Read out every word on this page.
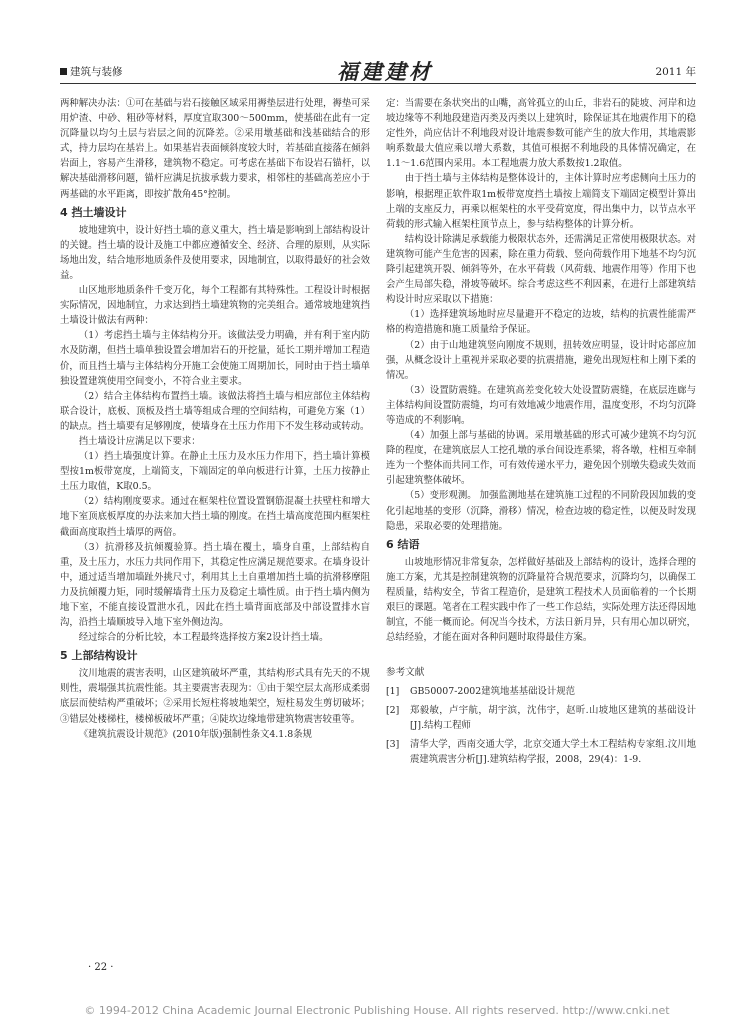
建筑与装修	福建建材	2011 年

两种解决办法：①可在基础与岩石接触区域采用褥垫层进行处理，褥垫可采用炉渣、中砂、粗砂等材料，厚度宜取300～500mm，使基础在此有一定沉降量以均匀土层与岩层之间的沉降差。②采用墩基础和浅基础结合的形式，持力层均在基岩上。如果基岩表面倾斜度较大时，若基础直接落在倾斜岩面上，容易产生滑移，建筑物不稳定。可考虑在基础下布设岩石锚杆，以解决基础滑移问题，锚杆应满足抗拔承载力要求，相邻柱的基础高差应小于两基础的水平距离，即按扩散角45°控制。

4 挡土墙设计

坡地建筑中，设计好挡土墙的意义重大，挡土墙是影响到上部结构设计的关键。挡土墙的设计及施工中都应遵循安全、经济、合理的原则，从实际场地出发，结合地形地质条件及使用要求，因地制宜，以取得最好的社会效益。

山区地形地质条件千变万化，每个工程都有其特殊性。工程设计时根据实际情况，因地制宜，力求达到挡土墙建筑物的完美组合。通常坡地建筑挡土墙设计做法有两种：

（1）考虑挡土墙与主体结构分开。该做法受力明确，并有利于室内防水及防潮，但挡土墙单独设置会增加岩石的开挖量，延长工期并增加工程造价，而且挡土墙与主体结构分开施工会使施工周期加长，同时由于挡土墙单独设置建筑使用空间变小，不符合业主要求。

（2）结合主体结构布置挡土墙。该做法将挡土墙与相应部位主体结构联合设计，底板、顶板及挡土墙等组成合理的空间结构，可避免方案（1）的缺点。挡土墙要有足够刚度，使墙身在土压力作用下不发生移动或转动。

挡土墙设计应满足以下要求：

（1）挡土墙强度计算。在静止土压力及水压力作用下，挡土墙计算模型按1m板带宽度，上端简支，下端固定的单向板进行计算，土压力按静止土压力取值，K取0.5。

（2）结构刚度要求。通过在框架柱位置设置钢筋混凝土扶壁柱和增大地下室顶底板厚度的办法来加大挡土墙的刚度。在挡土墙高度范围内框架柱截面高度取挡土墙厚的两倍。

（3）抗滑移及抗倾覆验算。挡土墙在覆土，墙身自重，上部结构自重，及土压力，水压力共同作用下，其稳定性应满足规范要求。在墙身设计中，通过适当增加墙趾外挑尺寸，利用其上土自重增加挡土墙的抗滑移摩阻力及抗倾覆力矩，同时缓解墙背土压力及稳定土墙性质。由于挡土墙内侧为地下室，不能直接设置泄水孔，因此在挡土墙背面底部及中部设置排水盲沟，沿挡土墙顺坡导入地下室外侧边沟。

经过综合的分析比较，本工程最终选择按方案2设计挡土墙。

5 上部结构设计

汶川地震的震害表明，山区建筑破坏严重，其结构形式具有先天的不规则性，震塌强其抗震性能。其主要震害表现为：①由于架空层太高形成柔弱底层而使结构严重破坏；②采用长短柱将坡地架空，短柱易发生剪切破坏；③错层处楼梯柱，楼梯板破坏严重；④陡坎边缘地带建筑物震害较重等。

《建筑抗震设计规范》(2010年版)强制性条文4.1.8条规

定：当需要在条状突出的山嘴，高耸孤立的山丘，非岩石的陡坡、河岸和边坡边缘等不利地段建造丙类及丙类以上建筑时，除保证其在地震作用下的稳定性外，尚应估计不利地段对设计地震参数可能产生的放大作用，其地震影响系数最大值应乘以增大系数，其值可根据不利地段的具体情况确定，在1.1～1.6范围内采用。本工程地震力放大系数按1.2取值。

由于挡土墙与主体结构是整体设计的，主体计算时应考虑侧向土压力的影响，根据理正软件取1m板带宽度挡土墙按上端简支下端固定模型计算出上端的支座反力，再乘以框架柱的水平受荷宽度，得出集中力，以节点水平荷载的形式输入框架柱顶节点上，参与结构整体的计算分析。

结构设计除满足承载能力极限状态外，还需满足正常使用极限状态。对建筑物可能产生危害的因素，除在重力荷载、竖向荷载作用下地基不均匀沉降引起建筑开裂、倾斜等外，在水平荷载（风荷载、地震作用等）作用下也会产生局部失稳，滑坡等破坏。综合考虑这些不利因素，在进行上部建筑结构设计时应采取以下措施：

（1）选择建筑场地时应尽量避开不稳定的边坡，结构的抗震性能需严格的构造措施和施工质量给予保证。

（2）由于山地建筑竖向刚度不规则，扭转效应明显，设计时応部应加强，从概念设计上重视并采取必要的抗震措施，避免出现短柱和上刚下柔的情况。

（3）设置防震缝。在建筑高差变化较大处设置防震缝，在底层连廊与主体结构间设置防震缝，均可有效地减少地震作用，温度变形，不均匀沉降等造成的不利影响。

（4）加强上部与基础的协调。采用墩基础的形式可减少建筑不均匀沉降的程度，在建筑底层人工挖孔墩的承台间设连系梁，将各墩，柱相互牵制连为一个整体而共同工作，可有效传递水平力，避免因个别墩失稳或失效而引起建筑整体破坏。

（5）变形观测。 加强监测地基在建筑施工过程的不同阶段因加载的变化引起地基的变形（沉降，滑移）情况，检查边坡的稳定性，以便及时发现隐患，采取必要的处理措施。

6 结语

山坡地形情况非常复杂，怎样做好基础及上部结构的设计，选择合理的施工方案，尤其是控制建筑物的沉降量符合规范要求，沉降均匀，以确保工程质量，结构安全，节省工程造价，是建筑工程技术人员面临着的一个长期艰巨的课题。笔者在工程实践中作了一些工作总结，实际处理方法还得因地制宜，不能一概而论。何况当今技术，方法日新月异，只有用心加以研究，总结经验，才能在面对各种问题时取得最佳方案。

参考文献

[1]	GB50007-2002建筑地基基础设计规范
[2]	郑毅敏，卢宇航，胡宇滨，沈伟宇，赵昕.山坡地区建筑的基础设计[J].结构工程师
[3]	清华大学，西南交通大学，北京交通大学土木工程结构专家组.汶川地震建筑震害分析[J].建筑结构学报，2008，29(4)：1-9.
· 22 ·
© 1994-2012 China Academic Journal Electronic Publishing House. All rights reserved. http://www.cnki.net
